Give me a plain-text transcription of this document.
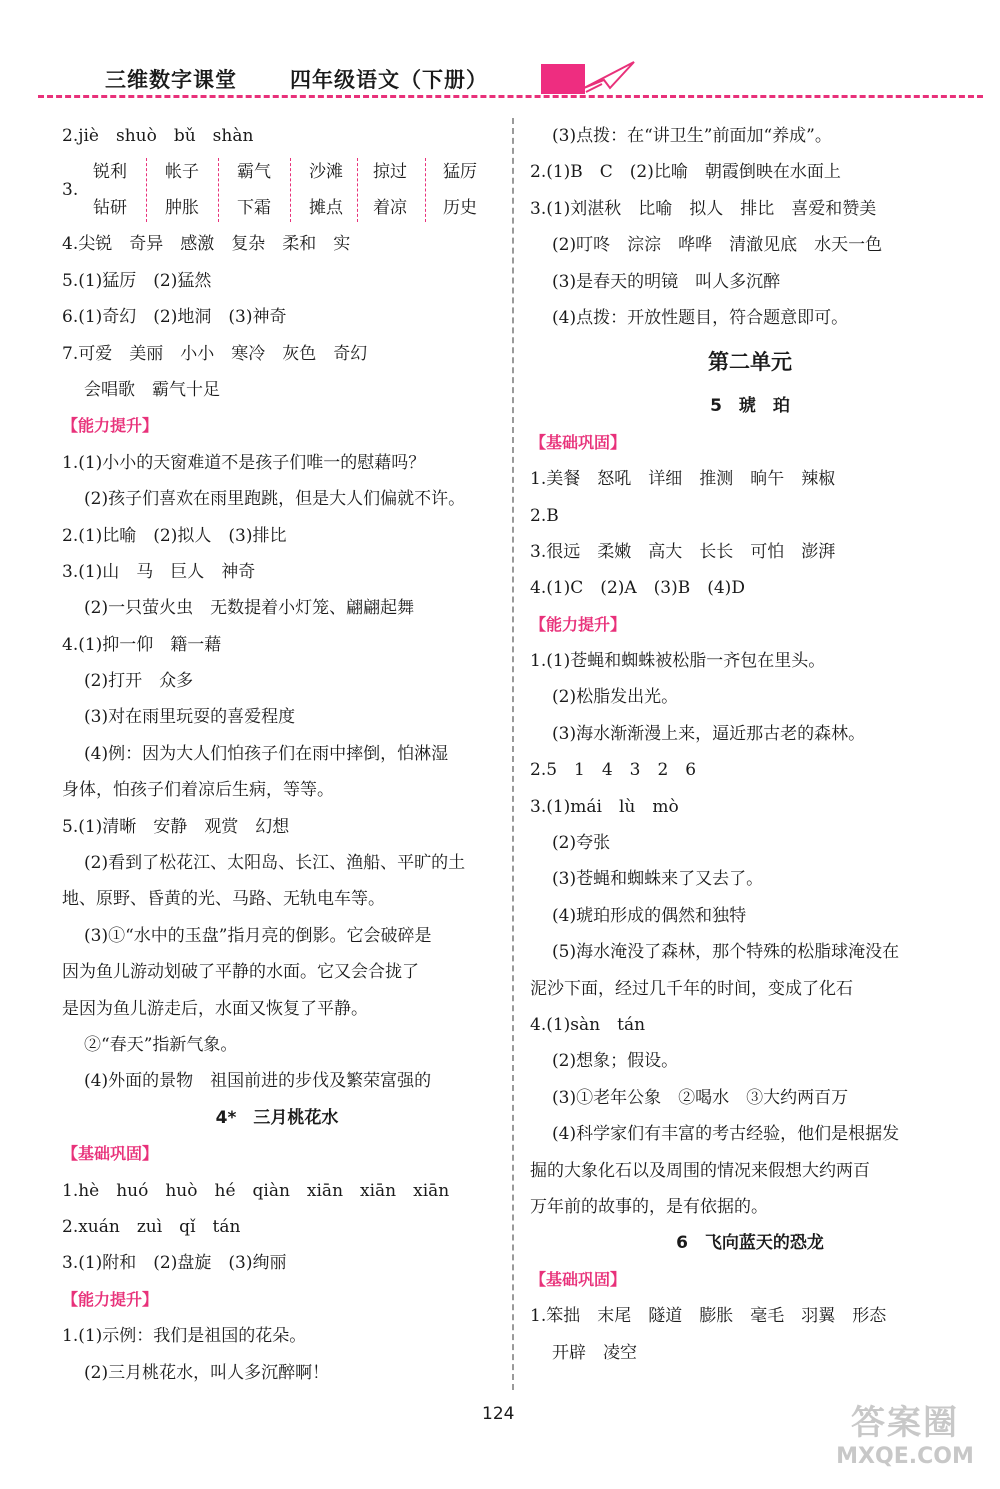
三维数字课堂	四年级语文（下册）
2.jiè　shuò　bǔ　shàn
3.
锐利	帐子	霸气	沙滩	掠过	猛厉
钻研	肿胀	下霜	摊点	着凉	历史
4.尖锐　奇异　感激　复杂　柔和　实
5.(1)猛厉　(2)猛然
6.(1)奇幻　(2)地洞　(3)神奇
7.可爱　美丽　小小　寒冷　灰色　奇幻
会唱歌　霸气十足
【能力提升】
1.(1)小小的天窗难道不是孩子们唯一的慰藉吗？
(2)孩子们喜欢在雨里跑跳，但是大人们偏就不许。
2.(1)比喻　(2)拟人　(3)排比
3.(1)山　马　巨人　神奇
(2)一只萤火虫　无数提着小灯笼、翩翩起舞
4.(1)抑一仰　籍一藉
(2)打开　众多
(3)对在雨里玩耍的喜爱程度
(4)例：因为大人们怕孩子们在雨中摔倒，怕淋湿
身体，怕孩子们着凉后生病，等等。
5.(1)清晰　安静　观赏　幻想
(2)看到了松花江、太阳岛、长江、渔船、平旷的土
地、原野、昏黄的光、马路、无轨电车等。
(3)①“水中的玉盘”指月亮的倒影。它会破碎是
因为鱼儿游动划破了平静的水面。它又会合拢了
是因为鱼儿游走后，水面又恢复了平静。
②“春天”指新气象。
(4)外面的景物　祖国前进的步伐及繁荣富强的
4*　三月桃花水
【基础巩固】
1.hè　huó　huò　hé　qiàn　xiān　xiān　xiān
2.xuán　zuì　qǐ　tán
3.(1)附和　(2)盘旋　(3)绚丽
【能力提升】
1.(1)示例：我们是祖国的花朵。
(2)三月桃花水，叫人多沉醉啊！
(3)点拨：在“讲卫生”前面加“养成”。
2.(1)B　C　(2)比喻　朝霞倒映在水面上
3.(1)刘湛秋　比喻　拟人　排比　喜爱和赞美
(2)叮咚　淙淙　哗哗　清澈见底　水天一色
(3)是春天的明镜　叫人多沉醉
(4)点拨：开放性题目，符合题意即可。
第二单元
5　琥　珀
【基础巩固】
1.美餐　怒吼　详细　推测　晌午　辣椒
2.B
3.很远　柔嫩　高大　长长　可怕　澎湃
4.(1)C　(2)A　(3)B　(4)D
【能力提升】
1.(1)苍蝇和蜘蛛被松脂一齐包在里头。
(2)松脂发出光。
(3)海水渐渐漫上来，逼近那古老的森林。
2.5　1　4　3　2　6
3.(1)mái　lù　mò
(2)夸张
(3)苍蝇和蜘蛛来了又去了。
(4)琥珀形成的偶然和独特
(5)海水淹没了森林，那个特殊的松脂球淹没在
泥沙下面，经过几千年的时间，变成了化石
4.(1)sàn　tán
(2)想象；假设。
(3)①老年公象　②喝水　③大约两百万
(4)科学家们有丰富的考古经验，他们是根据发
掘的大象化石以及周围的情况来假想大约两百
万年前的故事的，是有依据的。
6　飞向蓝天的恐龙
【基础巩固】
1.笨拙　末尾　隧道　膨胀　毫毛　羽翼　形态
开辟　凌空
124	答案圈
MXQE.COM
